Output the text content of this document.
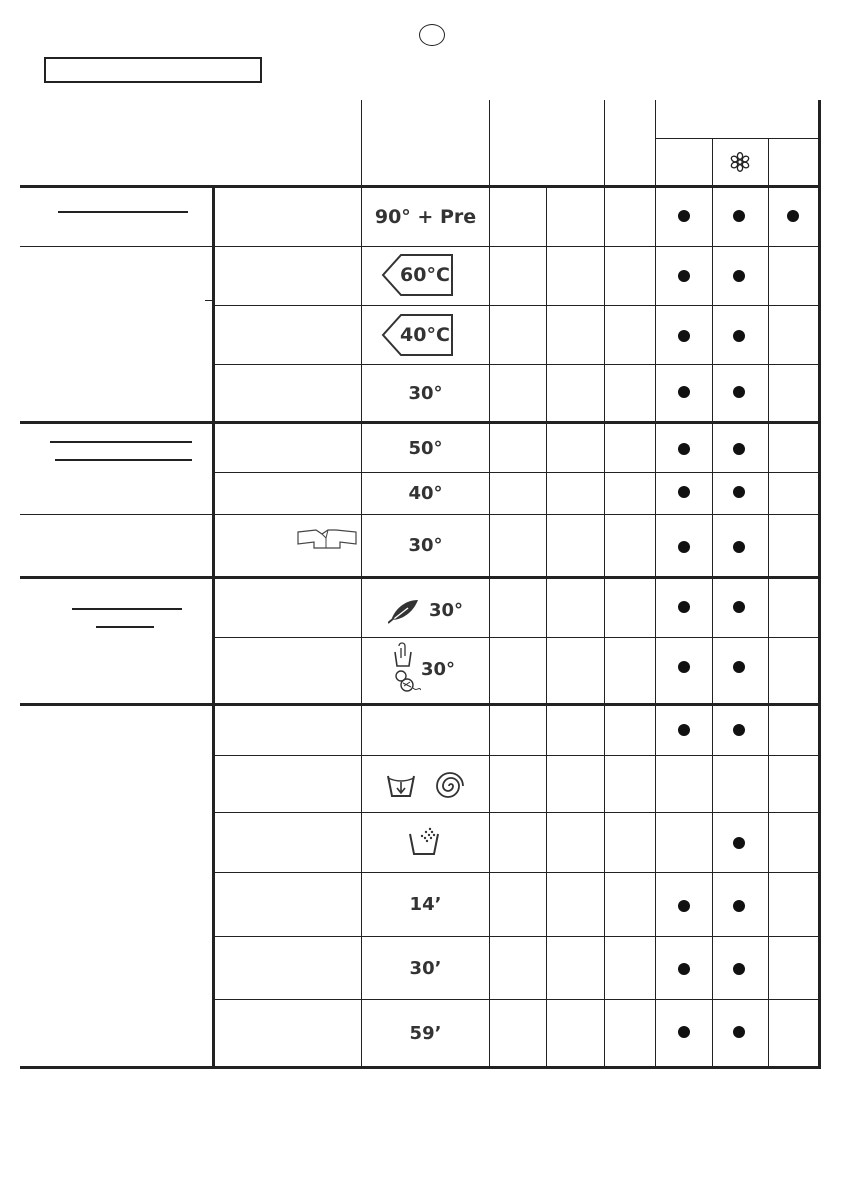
90° + Pre
60°C
40°C
30°
50°
40°
30°
30°
30°
14’
30’
59’
